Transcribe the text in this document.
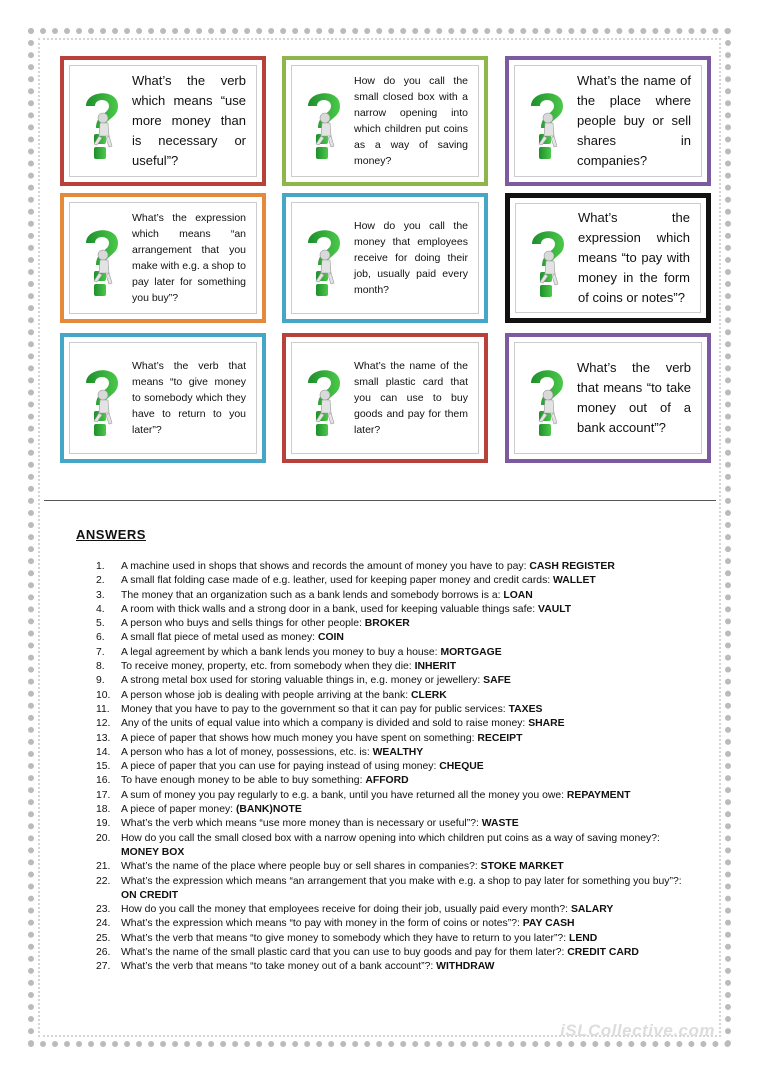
What’s the verb which means “use more money than is necessary or useful”?
How do you call the small closed box with a narrow opening into which children put coins as a way of saving money?
What’s the name of the place where people buy or sell shares in companies?
What’s the expression which means “an arrangement that you make with e.g. a shop to pay later for something you buy”?
How do you call the money that employees receive for doing their job, usually paid every month?
What’s the expression which means “to pay with money in the form of coins or notes”?
What’s the verb that means “to give money to somebody which they have to return to you later”?
What’s the name of the small plastic card that you can use to buy goods and pay for them later?
What’s the verb that means “to take money out of a bank account”?
ANSWERS
1. A machine used in shops that shows and records the amount of money you have to pay: CASH REGISTER
2. A small flat folding case made of e.g. leather, used for keeping paper money and credit cards: WALLET
3. The money that an organization such as a bank lends and somebody borrows is a: LOAN
4. A room with thick walls and a strong door in a bank, used for keeping valuable things safe: VAULT
5. A person who buys and sells things for other people: BROKER
6. A small flat piece of metal used as money: COIN
7. A legal agreement by which a bank lends you money to buy a house: MORTGAGE
8. To receive money, property, etc. from somebody when they die: INHERIT
9. A strong metal box used for storing valuable things in, e.g. money or jewellery: SAFE
10. A person whose job is dealing with people arriving at the bank: CLERK
11. Money that you have to pay to the government so that it can pay for public services: TAXES
12. Any of the units of equal value into which a company is divided and sold to raise money: SHARE
13. A piece of paper that shows how much money you have spent on something: RECEIPT
14. A person who has a lot of money, possessions, etc. is: WEALTHY
15. A piece of paper that you can use for paying instead of using money: CHEQUE
16. To have enough money to be able to buy something: AFFORD
17. A sum of money you pay regularly to e.g. a bank, until you have returned all the money you owe: REPAYMENT
18. A piece of paper money: (BANK)NOTE
19. What’s the verb which means “use more money than is necessary or useful”?: WASTE
20. How do you call the small closed box with a narrow opening into which children put coins as a way of saving money?: MONEY BOX
21. What’s the name of the place where people buy or sell shares in companies?: STOKE MARKET
22. What’s the expression which means “an arrangement that you make with e.g. a shop to pay later for something you buy”?: ON CREDIT
23. How do you call the money that employees receive for doing their job, usually paid every month?: SALARY
24. What’s the expression which means “to pay with money in the form of coins or notes”?: PAY CASH
25. What’s the verb that means “to give money to somebody which they have to return to you later”?: LEND
26. What’s the name of the small plastic card that you can use to buy goods and pay for them later?: CREDIT CARD
27. What’s the verb that means “to take money out of a bank account”?: WITHDRAW
iSLCollective.com
